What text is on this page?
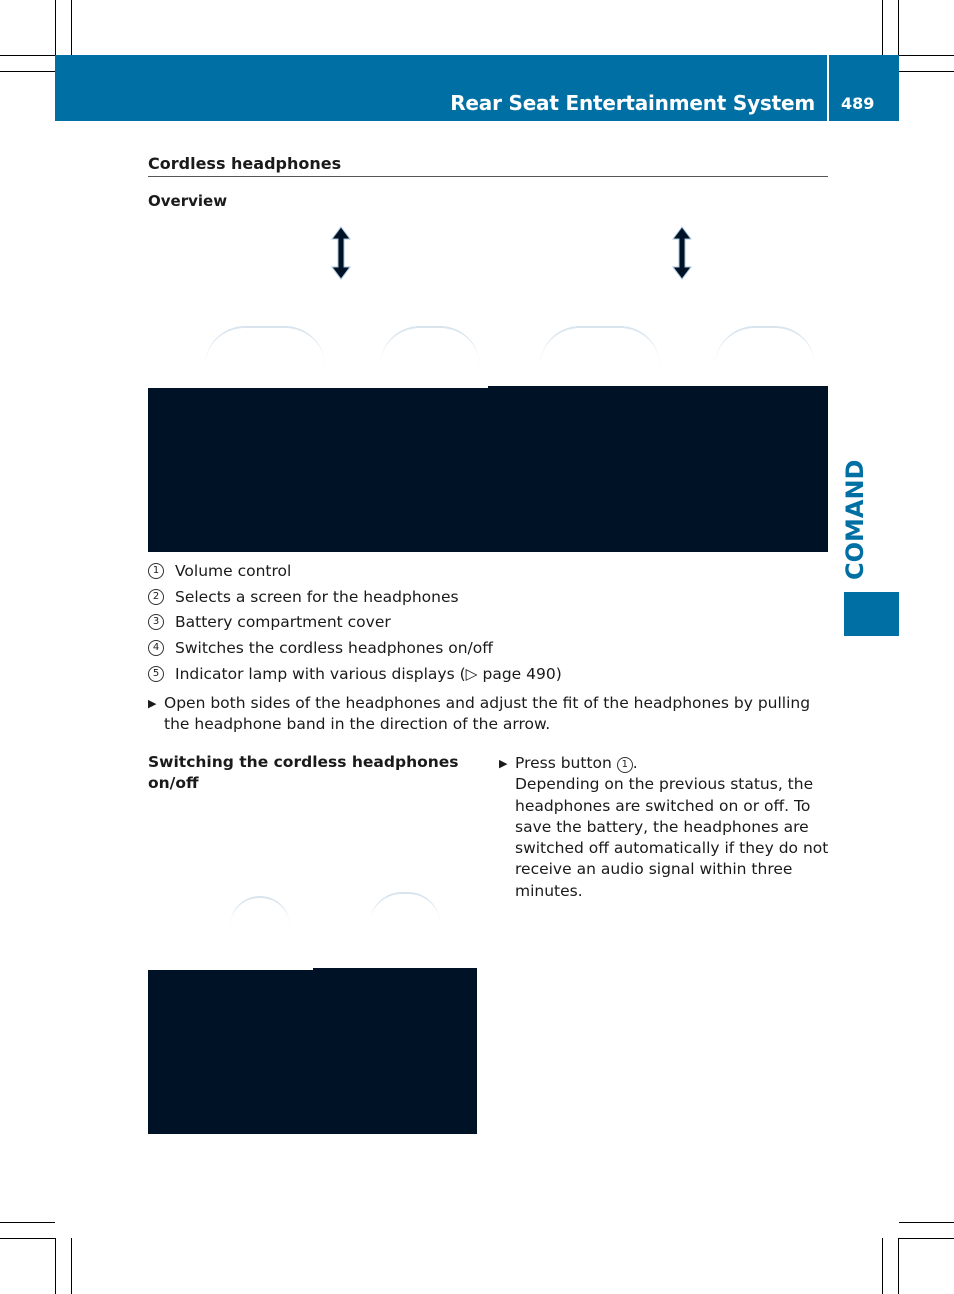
Rear Seat Entertainment System 489
COMAND
Cordless headphones
Overview
1	Volume control
2	Selects a screen for the headphones
3	Battery compartment cover
4	Switches the cordless headphones on/off
5	Indicator lamp with various displays (▷ page 490)
▶ Open both sides of the headphones and adjust the fit of the headphones by pulling the headphone band in the direction of the arrow.
Switching the cordless headphones on/off
▶ Press button 1 .
Depending on the previous status, the headphones are switched on or off. To save the battery, the headphones are switched off automatically if they do not receive an audio signal within three minutes.
